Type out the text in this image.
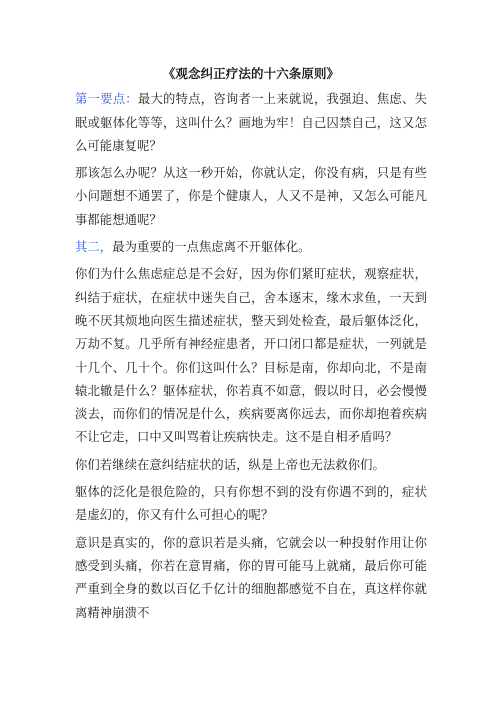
《观念纠正疗法的十六条原则》

第一要点：最大的特点，咨询者一上来就说，我强迫、焦虑、失眠或躯体化等等，这叫什么？画地为牢！自己囚禁自己，这又怎么可能康复呢？

那该怎么办呢？从这一秒开始，你就认定，你没有病，只是有些小问题想不通罢了，你是个健康人，人又不是神，又怎么可能凡事都能想通呢？

其二，最为重要的一点焦虑离不开躯体化。

你们为什么焦虑症总是不会好，因为你们紧盯症状，观察症状，纠结于症状，在症状中迷失自己，舍本逐末，缘木求鱼，一天到晚不厌其烦地向医生描述症状，整天到处检查，最后躯体泛化，万劫不复。几乎所有神经症患者，开口闭口都是症状，一列就是十几个、几十个。你们这叫什么？目标是南，你却向北，不是南辕北辙是什么？躯体症状，你若真不如意，假以时日，必会慢慢淡去，而你们的情况是什么，疾病要离你远去，而你却抱着疾病不让它走，口中又叫骂着让疾病快走。这不是自相矛盾吗？

你们若继续在意纠结症状的话，纵是上帝也无法救你们。

躯体的泛化是很危险的，只有你想不到的没有你遇不到的，症状是虚幻的，你又有什么可担心的呢？

意识是真实的，你的意识若是头痛，它就会以一种投射作用让你感受到头痛，你若在意胃痛，你的胃可能马上就痛，最后你可能严重到全身的数以百亿千亿计的细胞都感觉不自在，真这样你就离精神崩溃不
